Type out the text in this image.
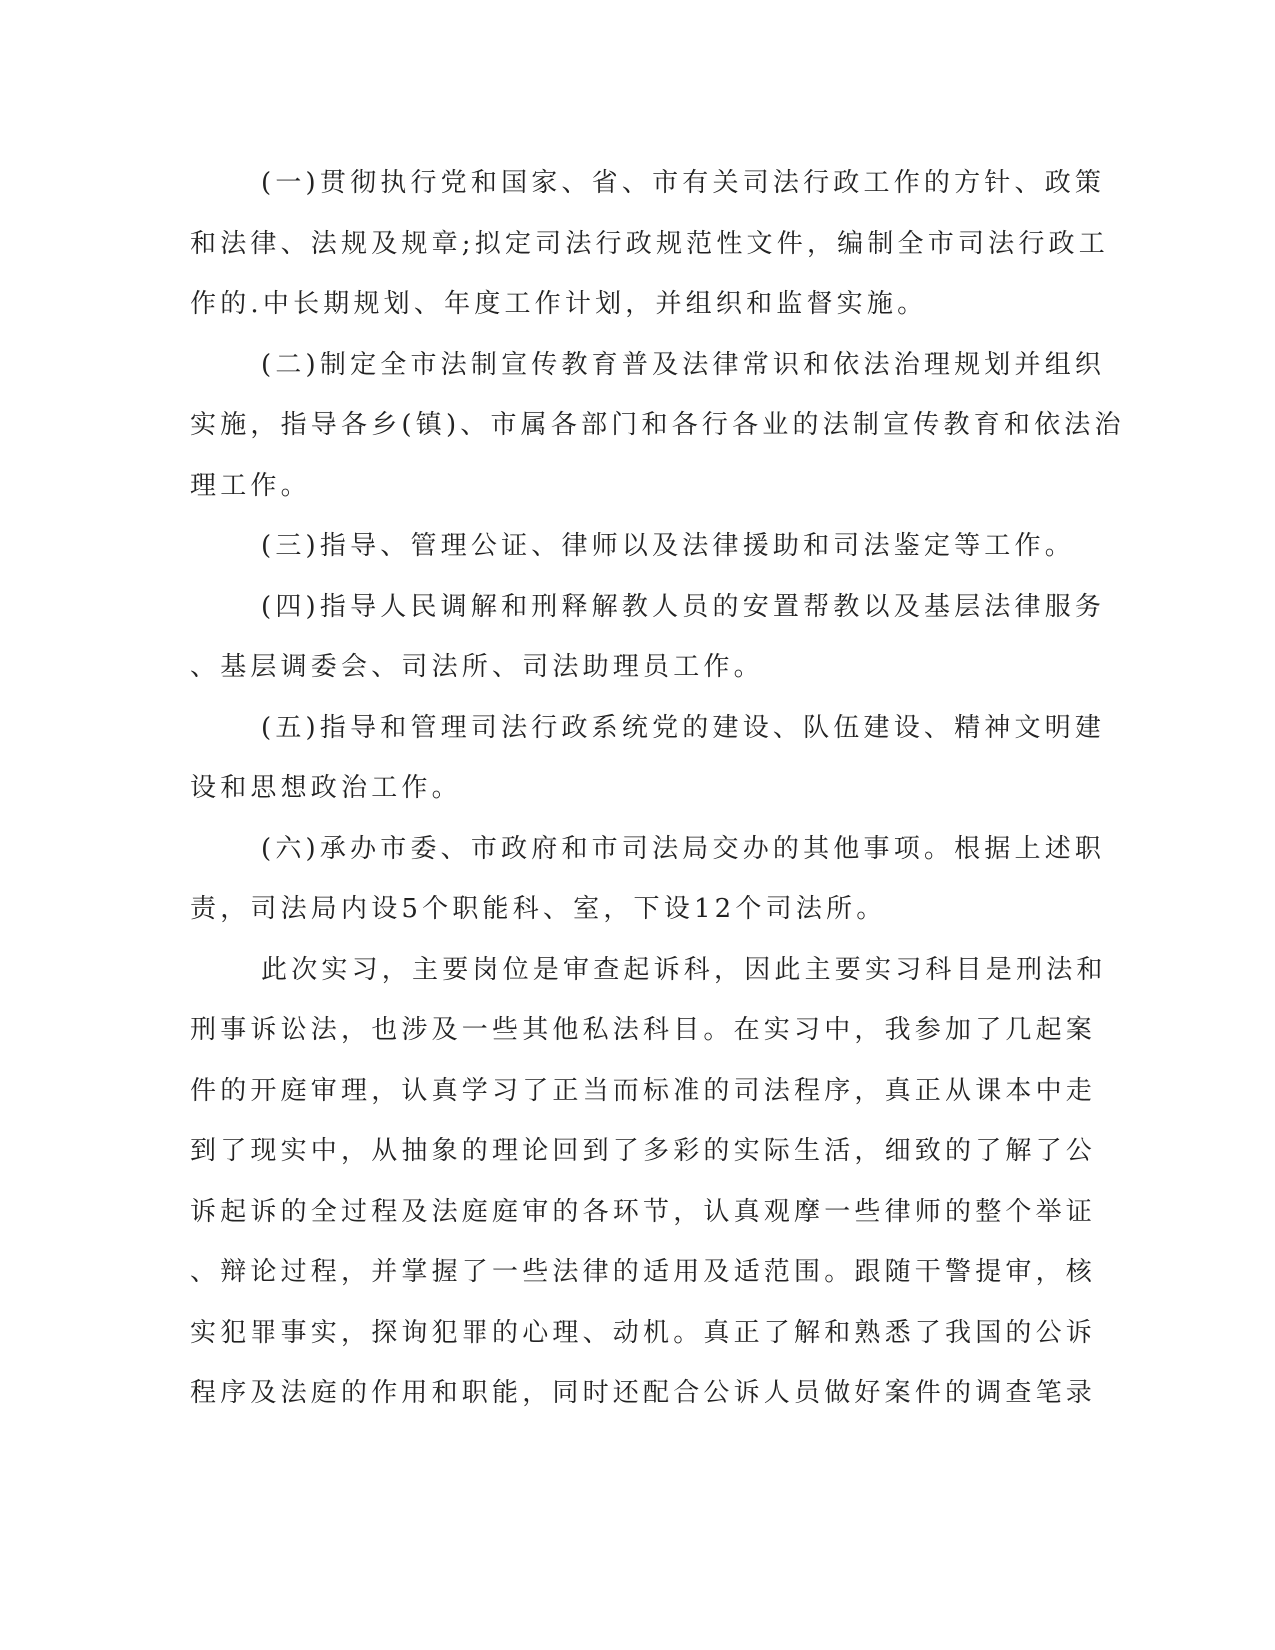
(一)贯彻执行党和国家、省、市有关司法行政工作的方针、政策
和法律、法规及规章;拟定司法行政规范性文件，编制全市司法行政工
作的.中长期规划、年度工作计划，并组织和监督实施。
(二)制定全市法制宣传教育普及法律常识和依法治理规划并组织
实施，指导各乡(镇)、市属各部门和各行各业的法制宣传教育和依法治
理工作。
(三)指导、管理公证、律师以及法律援助和司法鉴定等工作。
(四)指导人民调解和刑释解教人员的安置帮教以及基层法律服务
、基层调委会、司法所、司法助理员工作。
(五)指导和管理司法行政系统党的建设、队伍建设、精神文明建
设和思想政治工作。
(六)承办市委、市政府和市司法局交办的其他事项。根据上述职
责，司法局内设5个职能科、室，下设12个司法所。
此次实习，主要岗位是审查起诉科，因此主要实习科目是刑法和
刑事诉讼法，也涉及一些其他私法科目。在实习中，我参加了几起案
件的开庭审理，认真学习了正当而标准的司法程序，真正从课本中走
到了现实中，从抽象的理论回到了多彩的实际生活，细致的了解了公
诉起诉的全过程及法庭庭审的各环节，认真观摩一些律师的整个举证
、辩论过程，并掌握了一些法律的适用及适范围。跟随干警提审，核
实犯罪事实，探询犯罪的心理、动机。真正了解和熟悉了我国的公诉
程序及法庭的作用和职能，同时还配合公诉人员做好案件的调查笔录
